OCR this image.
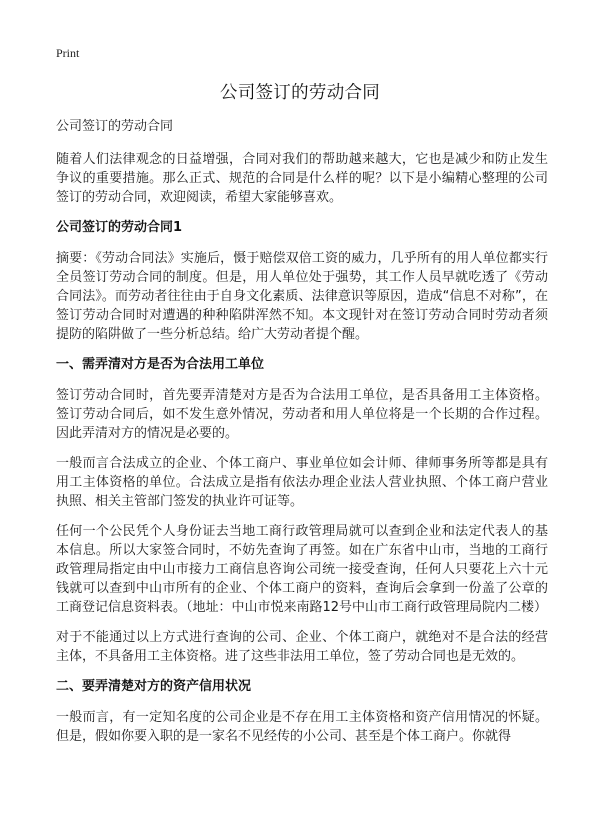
Print
公司签订的劳动合同

公司签订的劳动合同

随着人们法律观念的日益增强，合同对我们的帮助越来越大，它也是减少和防止发生争议的重要措施。那么正式、规范的合同是什么样的呢？以下是小编精心整理的公司签订的劳动合同，欢迎阅读，希望大家能够喜欢。

公司签订的劳动合同1

摘要：《劳动合同法》实施后，慑于赔偿双倍工资的威力，几乎所有的用人单位都实行全员签订劳动合同的制度。但是，用人单位处于强势，其工作人员早就吃透了《劳动合同法》。而劳动者往往由于自身文化素质、法律意识等原因，造成“信息不对称”，在签订劳动合同时对遭遇的种种陷阱浑然不知。本文现针对在签订劳动合同时劳动者须提防的陷阱做了一些分析总结。给广大劳动者提个醒。

一、需弄清对方是否为合法用工单位

签订劳动合同时，首先要弄清楚对方是否为合法用工单位，是否具备用工主体资格。签订劳动合同后，如不发生意外情况，劳动者和用人单位将是一个长期的合作过程。因此弄清对方的情况是必要的。

一般而言合法成立的企业、个体工商户、事业单位如会计师、律师事务所等都是具有用工主体资格的单位。合法成立是指有依法办理企业法人营业执照、个体工商户营业执照、相关主管部门签发的执业许可证等。

任何一个公民凭个人身份证去当地工商行政管理局就可以查到企业和法定代表人的基本信息。所以大家签合同时，不妨先查询了再签。如在广东省中山市，当地的工商行政管理局指定由中山市接力工商信息咨询公司统一接受查询，任何人只要花上六十元钱就可以查到中山市所有的企业、个体工商户的资料，查询后会拿到一份盖了公章的工商登记信息资料表。（地址：中山市悦来南路12号中山市工商行政管理局院内二楼）

对于不能通过以上方式进行查询的公司、企业、个体工商户，就绝对不是合法的经营主体，不具备用工主体资格。进了这些非法用工单位，签了劳动合同也是无效的。

二、要弄清楚对方的资产信用状况

一般而言，有一定知名度的公司企业是不存在用工主体资格和资产信用情况的怀疑。但是，假如你要入职的是一家名不见经传的小公司、甚至是个体工商户。你就得
